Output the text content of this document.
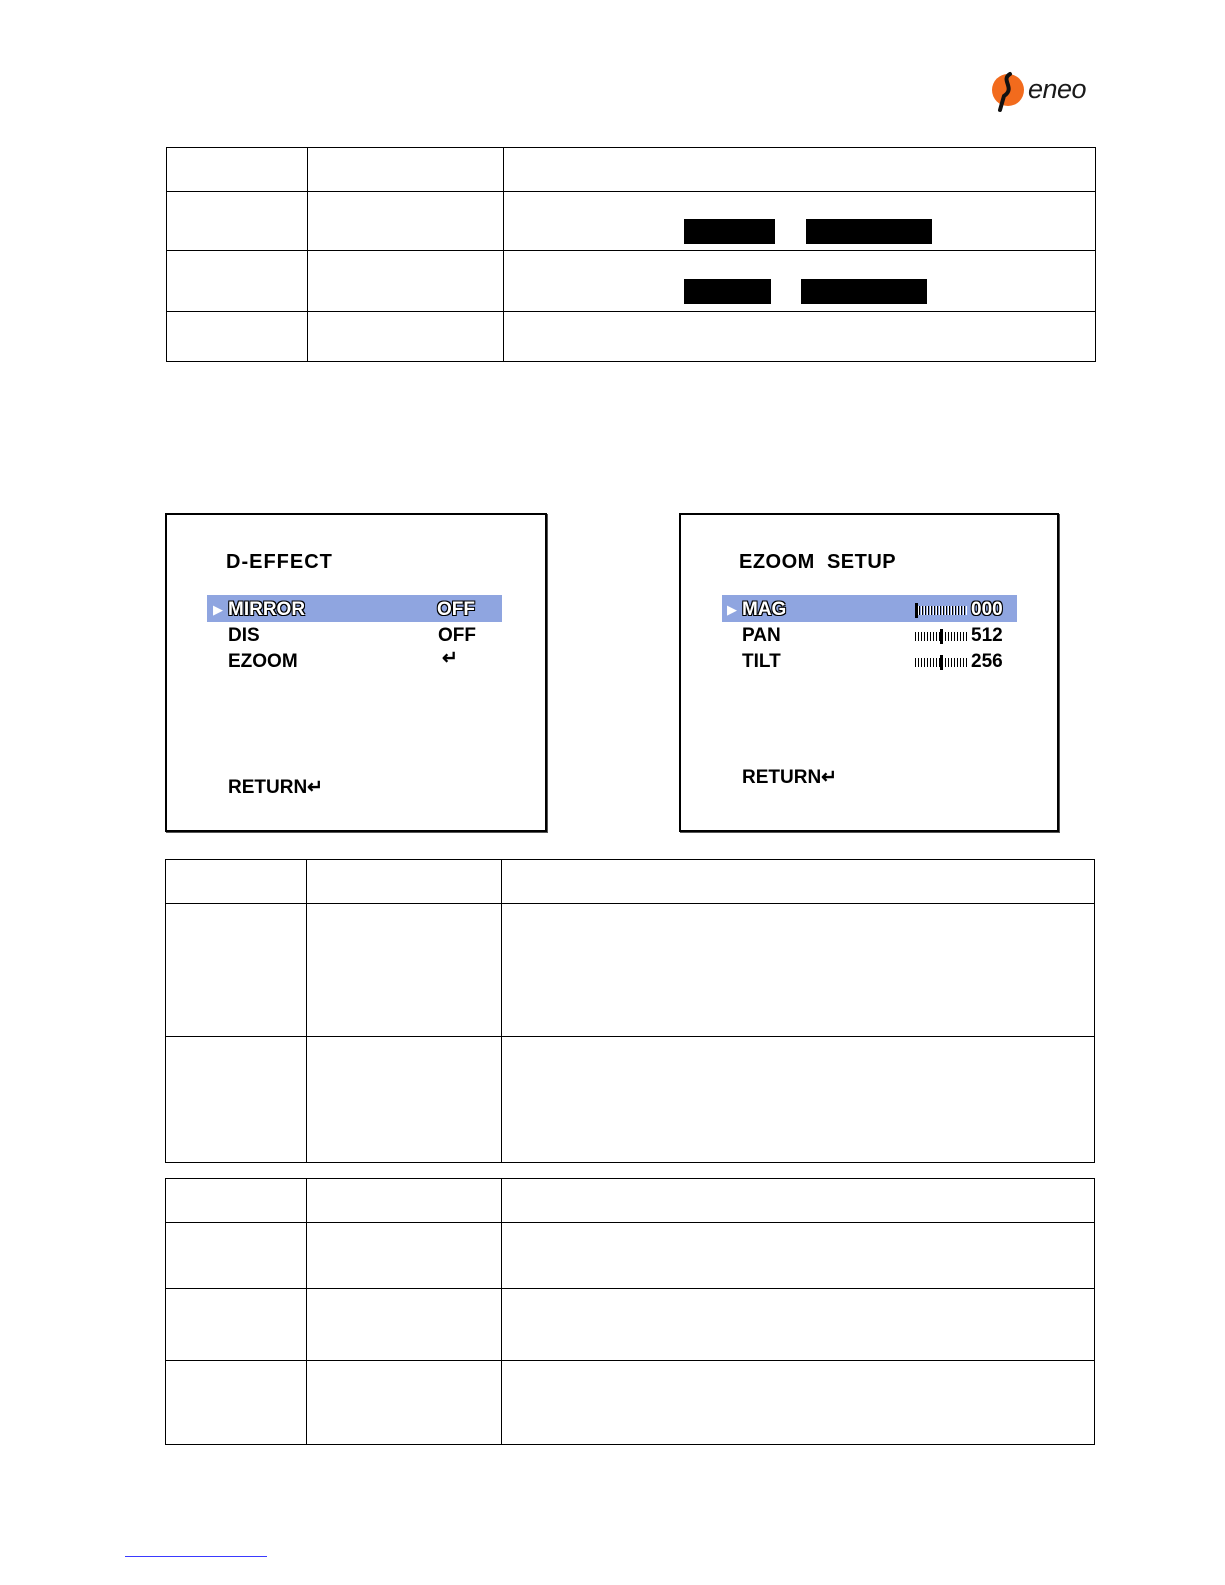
eneo

D-EFFECT
▶ MIRROR	OFF
DIS	OFF
EZOOM	↵
RETURN↵
EZOOM  SETUP
▶ MAG	000
PAN	512
TILT	256
RETURN↵
